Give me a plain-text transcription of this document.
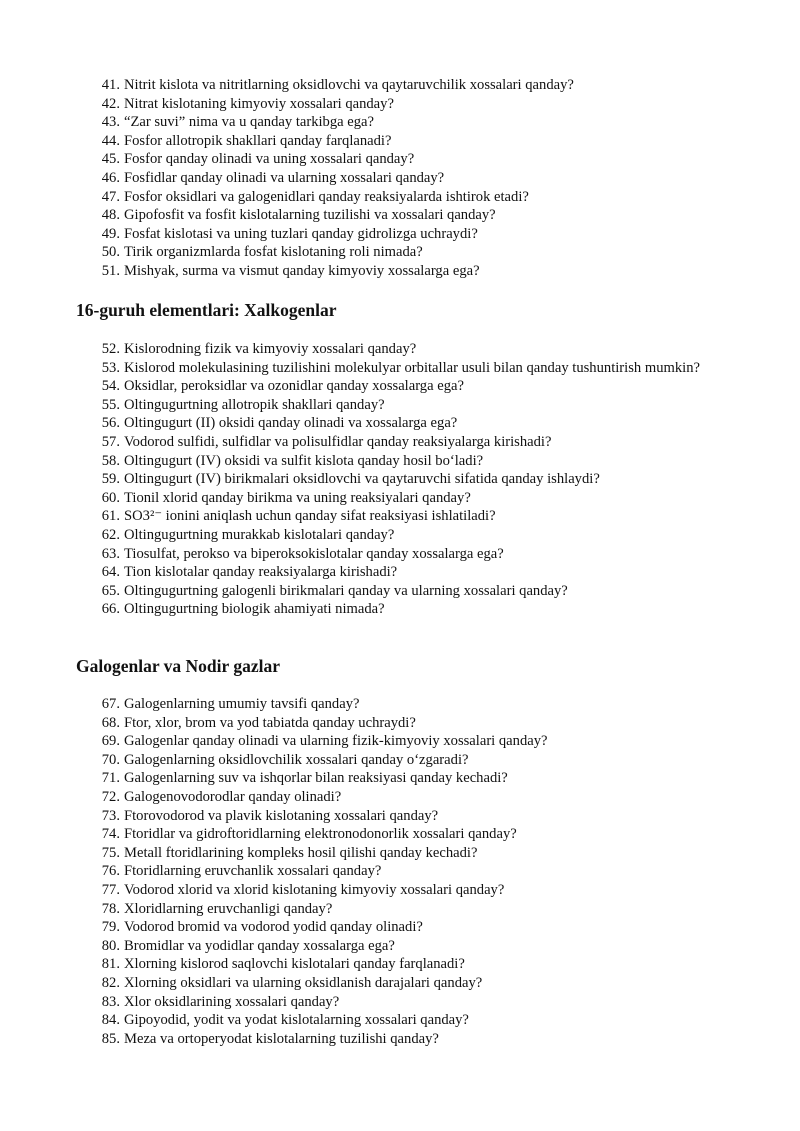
41. Nitrit kislota va nitritlarning oksidlovchi va qaytaruvchilik xossalari qanday?
42. Nitrat kislotaning kimyoviy xossalari qanday?
43. “Zar suvi” nima va u qanday tarkibga ega?
44. Fosfor allotropik shakllari qanday farqlanadi?
45. Fosfor qanday olinadi va uning xossalari qanday?
46. Fosfidlar qanday olinadi va ularning xossalari qanday?
47. Fosfor oksidlari va galogenidlari qanday reaksiyalarda ishtirok etadi?
48. Gipofosfit va fosfit kislotalarning tuzilishi va xossalari qanday?
49. Fosfat kislotasi va uning tuzlari qanday gidrolizga uchraydi?
50. Tirik organizmlarda fosfat kislotaning roli nimada?
51. Mishyak, surma va vismut qanday kimyoviy xossalarga ega?
16-guruh elementlari: Xalkogenlar
52. Kislorodning fizik va kimyoviy xossalari qanday?
53. Kislorod molekulasining tuzilishini molekulyar orbitallar usuli bilan qanday tushuntirish mumkin?
54. Oksidlar, peroksidlar va ozonidlar qanday xossalarga ega?
55. Oltingugurtning allotropik shakllari qanday?
56. Oltingugurt (II) oksidi qanday olinadi va xossalarga ega?
57. Vodorod sulfidi, sulfidlar va polisulfidlar qanday reaksiyalarga kirishadi?
58. Oltingugurt (IV) oksidi va sulfit kislota qanday hosil bo‘ladi?
59. Oltingugurt (IV) birikmalari oksidlovchi va qaytaruvchi sifatida qanday ishlaydi?
60. Tionil xlorid qanday birikma va uning reaksiyalari qanday?
61. SO3²⁻ ionini aniqlash uchun qanday sifat reaksiyasi ishlatiladi?
62. Oltingugurtning murakkab kislotalari qanday?
63. Tiosulfat, perokso va biperoksokislotalar qanday xossalarga ega?
64. Tion kislotalar qanday reaksiyalarga kirishadi?
65. Oltingugurtning galogenli birikmalari qanday va ularning xossalari qanday?
66. Oltingugurtning biologik ahamiyati nimada?
Galogenlar va Nodir gazlar
67. Galogenlarning umumiy tavsifi qanday?
68. Ftor, xlor, brom va yod tabiatda qanday uchraydi?
69. Galogenlar qanday olinadi va ularning fizik-kimyoviy xossalari qanday?
70. Galogenlarning oksidlovchilik xossalari qanday o‘zgaradi?
71. Galogenlarning suv va ishqorlar bilan reaksiyasi qanday kechadi?
72. Galogenovodorodlar qanday olinadi?
73. Ftorovodorod va plavik kislotaning xossalari qanday?
74. Ftoridlar va gidroftoridlarning elektronodonorlik xossalari qanday?
75. Metall ftoridlarining kompleks hosil qilishi qanday kechadi?
76. Ftoridlarning eruvchanlik xossalari qanday?
77. Vodorod xlorid va xlorid kislotaning kimyoviy xossalari qanday?
78. Xloridlarning eruvchanligi qanday?
79. Vodorod bromid va vodorod yodid qanday olinadi?
80. Bromidlar va yodidlar qanday xossalarga ega?
81. Xlorning kislorod saqlovchi kislotalari qanday farqlanadi?
82. Xlorning oksidlari va ularning oksidlanish darajalari qanday?
83. Xlor oksidlarining xossalari qanday?
84. Gipoyodid, yodit va yodat kislotalarning xossalari qanday?
85. Meza va ortoperyodat kislotalarning tuzilishi qanday?
